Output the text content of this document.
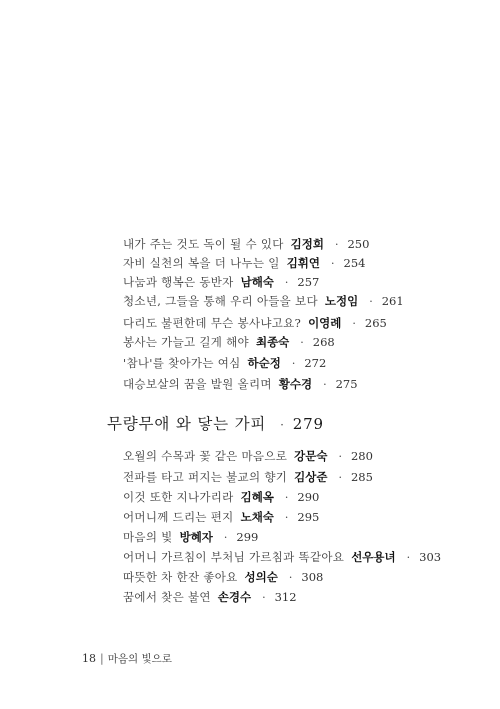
내가 주는 것도 독이 될 수 있다 김정희 · 250
자비 실천의 복을 더 나누는 일 김휘연 · 254
나눔과 행복은 동반자 남해숙 · 257
청소년, 그들을 통해 우리 아들을 보다 노정임 · 261
다리도 불편한데 무슨 봉사냐고요? 이영례 · 265
봉사는 가늘고 길게 해야 최종숙 · 268
'참나'를 찾아가는 여심 하순정 · 272
대승보살의 꿈을 발원 올리며 황수경 · 275
무량무애 와 닿는 가피 · 279
오월의 수목과 꽃 같은 마음으로 강문숙 · 280
전파를 타고 퍼지는 불교의 향기 김상준 · 285
이것 또한 지나가리라 김혜옥 · 290
어머니께 드리는 편지 노채숙 · 295
마음의 빛 방혜자 · 299
어머니 가르침이 부처님 가르침과 똑같아요 선우용녀 · 303
따뜻한 차 한잔 좋아요 성의순 · 308
꿈에서 찾은 불연 손경수 · 312
18 | 마음의 빛으로
